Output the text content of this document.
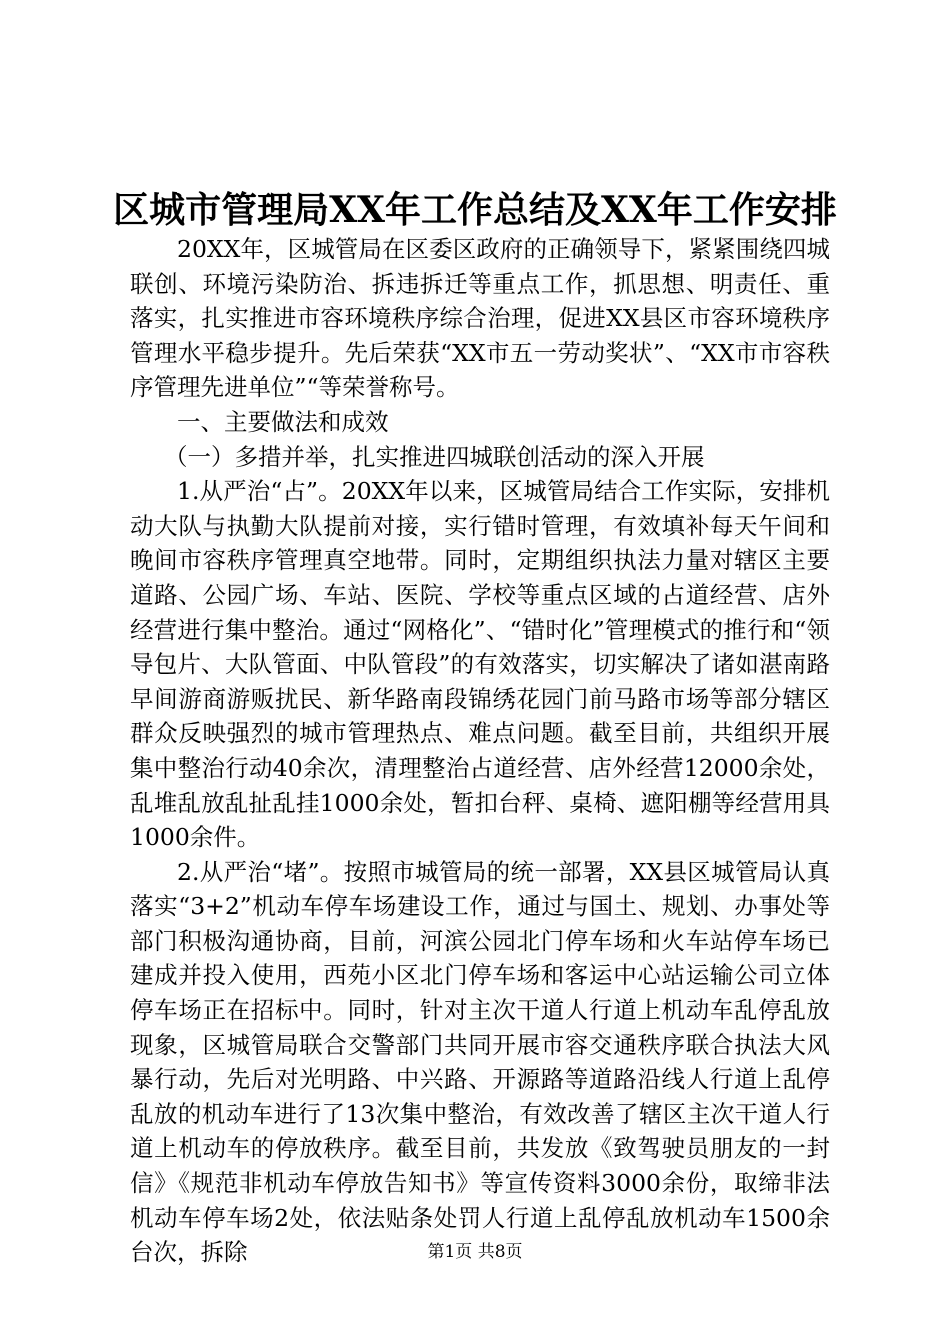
区城市管理局XX年工作总结及XX年工作安排

20XX年，区城管局在区委区政府的正确领导下，紧紧围绕四城联创、环境污染防治、拆违拆迁等重点工作，抓思想、明责任、重落实，扎实推进市容环境秩序综合治理，促进XX县区市容环境秩序管理水平稳步提升。先后荣获“XX市五一劳动奖状”、“XX市市容秩序管理先进单位”“等荣誉称号。

一、主要做法和成效

（一）多措并举，扎实推进四城联创活动的深入开展

1.从严治“占”。20XX年以来，区城管局结合工作实际，安排机动大队与执勤大队提前对接，实行错时管理，有效填补每天午间和晚间市容秩序管理真空地带。同时，定期组织执法力量对辖区主要道路、公园广场、车站、医院、学校等重点区域的占道经营、店外经营进行集中整治。通过“网格化”、“错时化”管理模式的推行和“领导包片、大队管面、中队管段”的有效落实，切实解决了诸如湛南路早间游商游贩扰民、新华路南段锦绣花园门前马路市场等部分辖区群众反映强烈的城市管理热点、难点问题。截至目前，共组织开展集中整治行动40余次，清理整治占道经营、店外经营12000余处，乱堆乱放乱扯乱挂1000余处，暂扣台秤、桌椅、遮阳棚等经营用具1000余件。

2.从严治“堵”。按照市城管局的统一部署，XX县区城管局认真落实“3+2”机动车停车场建设工作，通过与国土、规划、办事处等部门积极沟通协商，目前，河滨公园北门停车场和火车站停车场已建成并投入使用，西苑小区北门停车场和客运中心站运输公司立体停车场正在招标中。同时，针对主次干道人行道上机动车乱停乱放现象，区城管局联合交警部门共同开展市容交通秩序联合执法大风暴行动，先后对光明路、中兴路、开源路等道路沿线人行道上乱停乱放的机动车进行了13次集中整治，有效改善了辖区主次干道人行道上机动车的停放秩序。截至目前，共发放《致驾驶员朋友的一封信》《规范非机动车停放告知书》等宣传资料3000余份，取缔非法机动车停车场2处，依法贴条处罚人行道上乱停乱放机动车1500余台次，拆除	第1页 共8页
